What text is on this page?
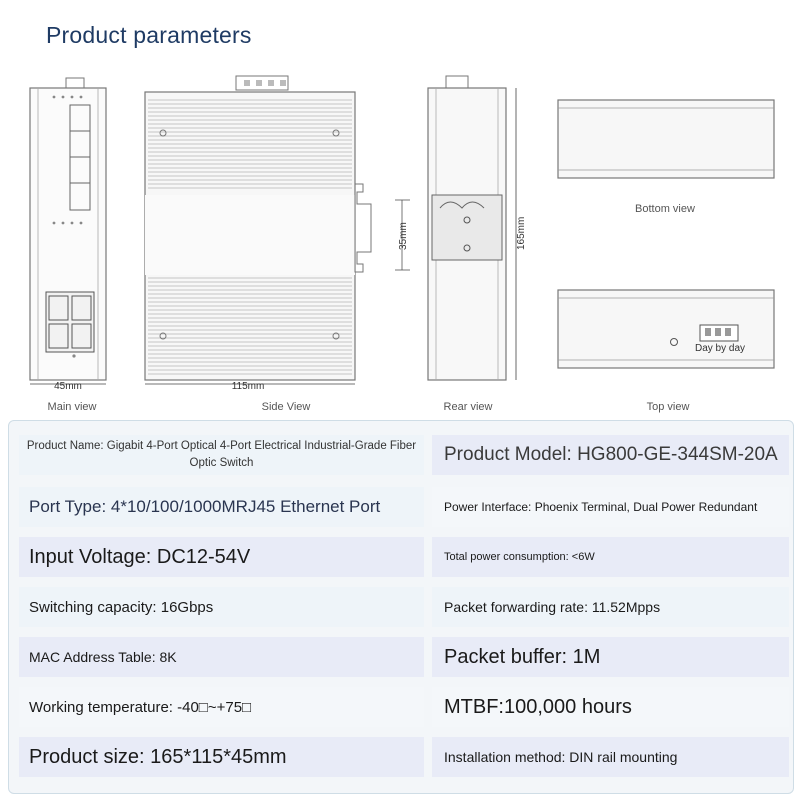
Product parameters
45mm
Main view
35mm
115mm
Side View
165mm
Rear view
Bottom view
Day by day
Top view
Product Name: Gigabit 4-Port Optical 4-Port Electrical Industrial-Grade Fiber Optic Switch	Product Model: HG800-GE-344SM-20A
Port Type: 4*10/100/1000MRJ45 Ethernet Port	Power Interface: Phoenix Terminal, Dual Power Redundant
Input Voltage: DC12-54V	Total power consumption: <6W
Switching capacity: 16Gbps	Packet forwarding rate: 11.52Mpps
MAC Address Table: 8K	Packet buffer: 1M
Working temperature: -40□~+75□	MTBF:100,000 hours
Product size: 165*115*45mm	Installation method: DIN rail mounting
